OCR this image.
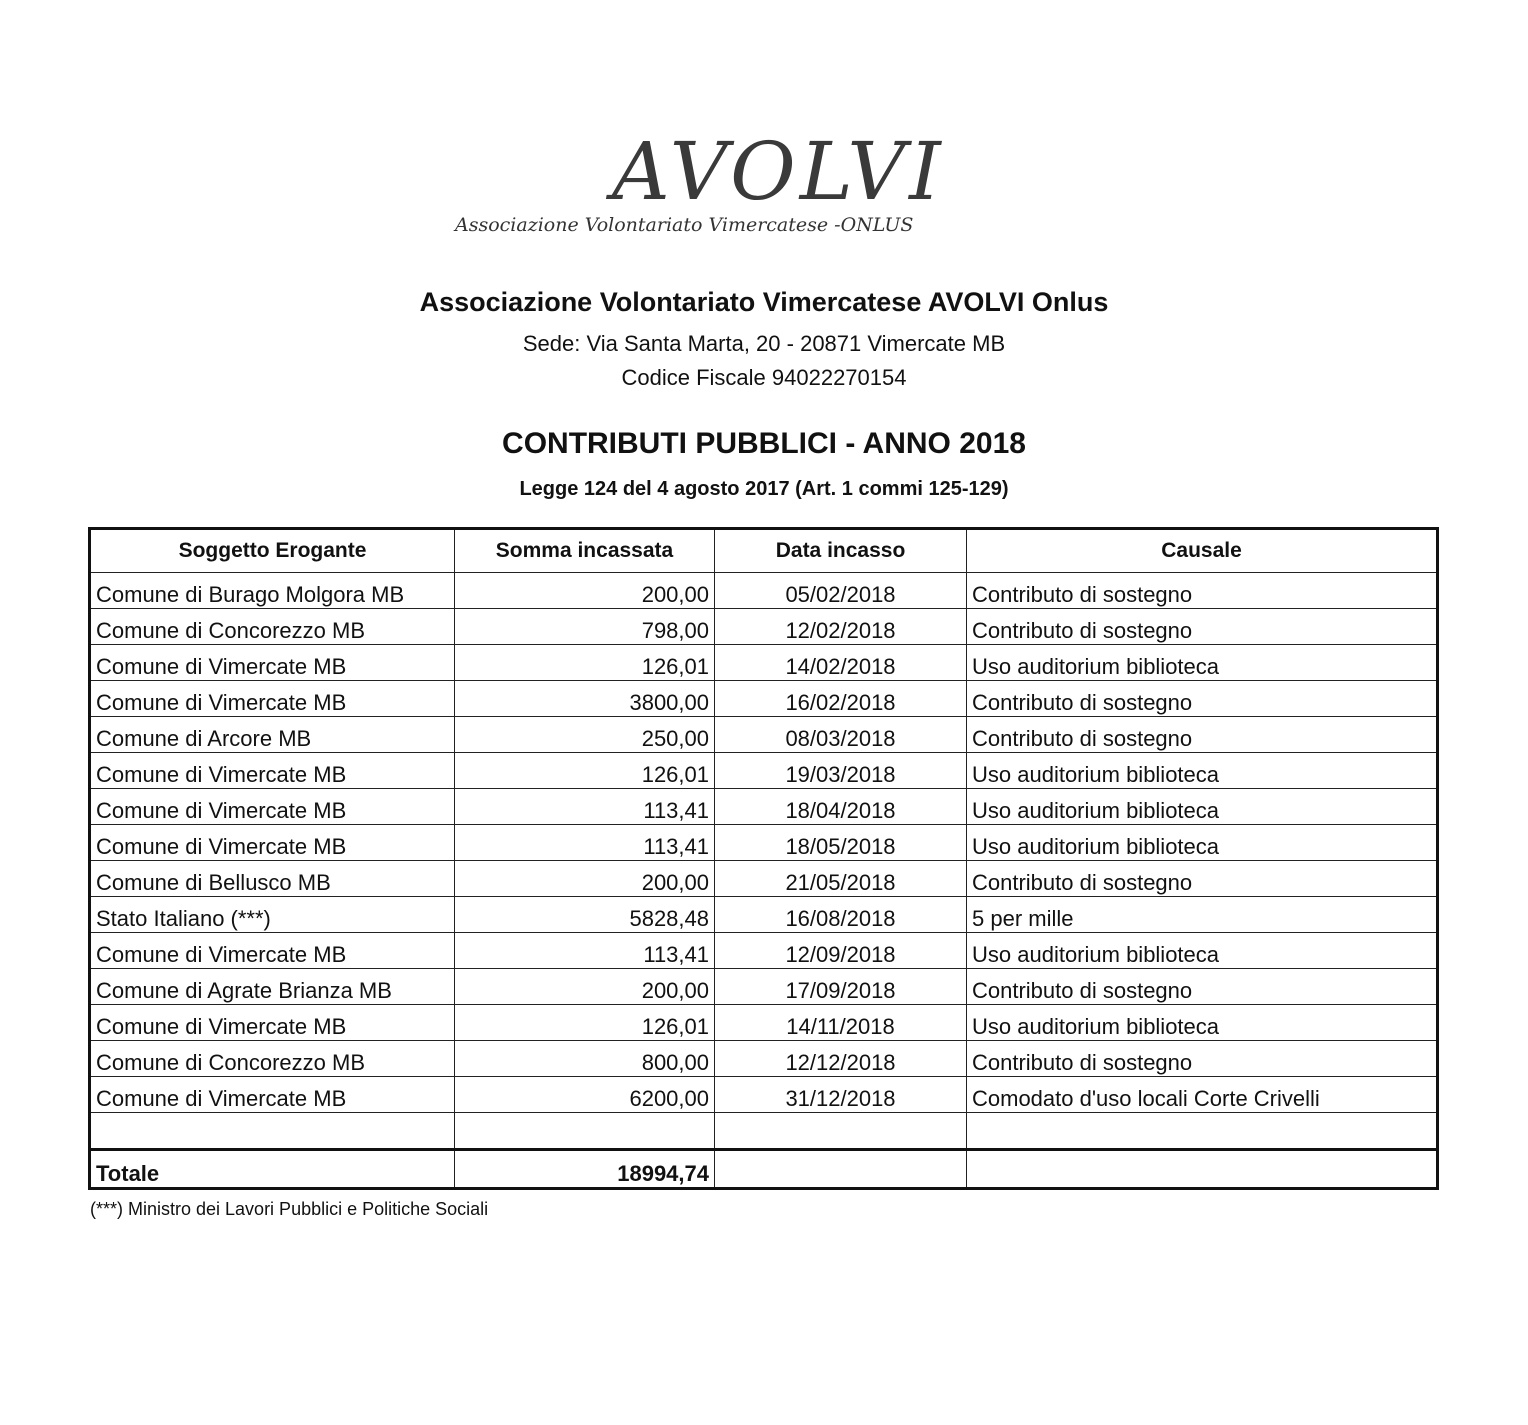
AVOLVI
Associazione Volontariato Vimercatese -ONLUS
Associazione Volontariato Vimercatese AVOLVI Onlus
Sede: Via Santa Marta, 20 - 20871 Vimercate MB
Codice Fiscale 94022270154
CONTRIBUTI PUBBLICI - ANNO 2018
Legge 124 del 4 agosto 2017 (Art. 1 commi 125-129)
Soggetto Erogante	Somma incassata	Data incasso	Causale
Comune di Burago Molgora MB	200,00	05/02/2018	Contributo di sostegno
Comune di Concorezzo MB	798,00	12/02/2018	Contributo di sostegno
Comune di Vimercate MB	126,01	14/02/2018	Uso auditorium biblioteca
Comune di Vimercate MB	3800,00	16/02/2018	Contributo di sostegno
Comune di Arcore MB	250,00	08/03/2018	Contributo di sostegno
Comune di Vimercate MB	126,01	19/03/2018	Uso auditorium biblioteca
Comune di Vimercate MB	113,41	18/04/2018	Uso auditorium biblioteca
Comune di Vimercate MB	113,41	18/05/2018	Uso auditorium biblioteca
Comune di Bellusco MB	200,00	21/05/2018	Contributo di sostegno
Stato Italiano (***)	5828,48	16/08/2018	5 per mille
Comune di Vimercate MB	113,41	12/09/2018	Uso auditorium biblioteca
Comune di Agrate Brianza MB	200,00	17/09/2018	Contributo di sostegno
Comune di Vimercate MB	126,01	14/11/2018	Uso auditorium biblioteca
Comune di Concorezzo MB	800,00	12/12/2018	Contributo di sostegno
Comune di Vimercate MB	6200,00	31/12/2018	Comodato d'uso locali Corte Crivelli

Totale	18994,74		
(***) Ministro dei Lavori Pubblici e Politiche Sociali
